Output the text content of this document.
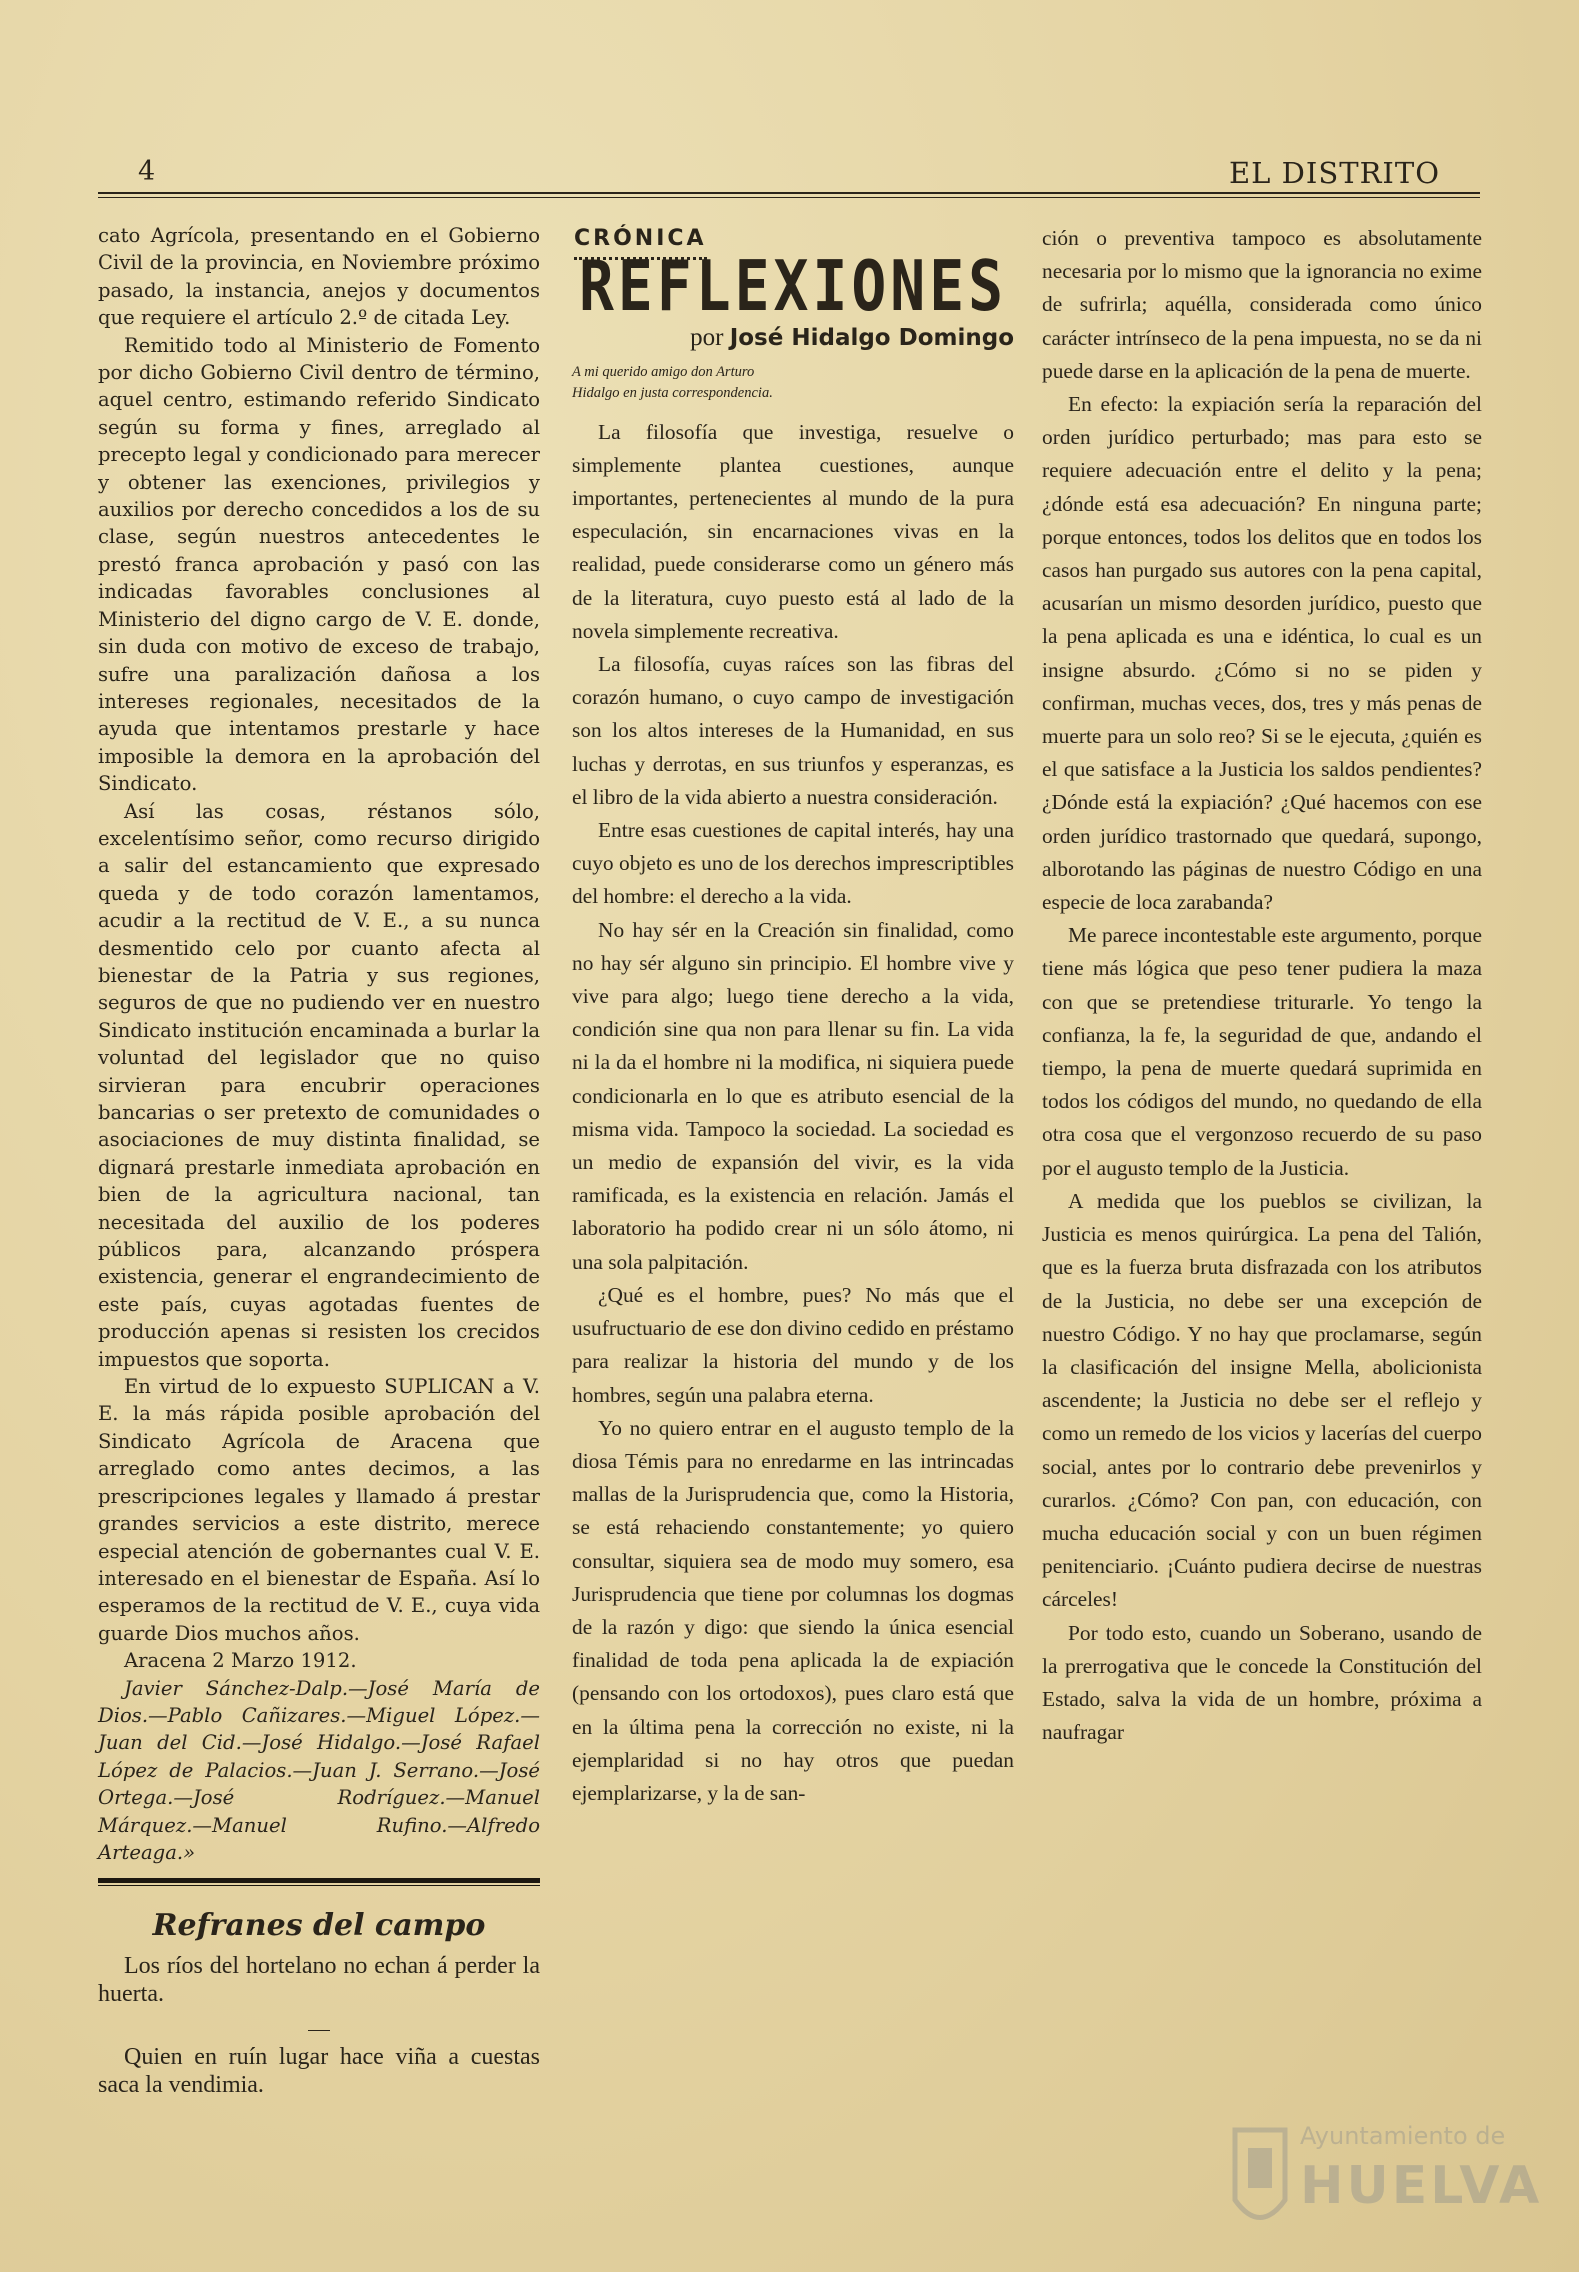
4	EL DISTRITO

cato Agrícola, presentando en el Gobierno Civil de la provincia, en Noviembre próximo pasado, la instancia, anejos y documentos que requiere el artículo 2.º de citada Ley.

Remitido todo al Ministerio de Fomento por dicho Gobierno Civil dentro de término, aquel centro, estimando referido Sindicato según su forma y fines, arreglado al precepto legal y condicionado para merecer y obtener las exenciones, privilegios y auxilios por derecho concedidos a los de su clase, según nuestros antecedentes le prestó franca aprobación y pasó con las indicadas favorables conclusiones al Ministerio del digno cargo de V. E. donde, sin duda con motivo de exceso de trabajo, sufre una paralización dañosa a los intereses regionales, necesitados de la ayuda que intentamos prestarle y hace imposible la demora en la aprobación del Sindicato.

Así las cosas, réstanos sólo, excelentísimo señor, como recurso dirigido a salir del estancamiento que expresado queda y de todo corazón lamentamos, acudir a la rectitud de V. E., a su nunca desmentido celo por cuanto afecta al bienestar de la Patria y sus regiones, seguros de que no pudiendo ver en nuestro Sindicato institución encaminada a burlar la voluntad del legislador que no quiso sirvieran para encubrir operaciones bancarias o ser pretexto de comunidades o asociaciones de muy distinta finalidad, se dignará prestarle inmediata aprobación en bien de la agricultura nacional, tan necesitada del auxilio de los poderes públicos para, alcanzando próspera existencia, generar el engrandecimiento de este país, cuyas agotadas fuentes de producción apenas si resisten los crecidos impuestos que soporta.

En virtud de lo expuesto SUPLICAN a V. E. la más rápida posible aprobación del Sindicato Agrícola de Aracena que arreglado como antes decimos, a las prescripciones legales y llamado á prestar grandes servicios a este distrito, merece especial atención de gobernantes cual V. E. interesado en el bienestar de España. Así lo esperamos de la rectitud de V. E., cuya vida guarde Dios muchos años.

Aracena 2 Marzo 1912.

Javier Sánchez-Dalp.—José María de Dios.—Pablo Cañizares.—Miguel López.—Juan del Cid.—José Hidalgo.—José Rafael López de Palacios.—Juan J. Serrano.—José Ortega.—José Rodríguez.—Manuel Márquez.—Manuel Rufino.—Alfredo Arteaga.»

Refranes del campo

Los ríos del hortelano no echan á perder la huerta.

Quien en ruín lugar hace viña a cuestas saca la vendimia.

CRÓNICA
REFLEXIONES
por José Hidalgo Domingo
A mi querido amigo don Arturo
Hidalgo en justa correspondencia.

La filosofía que investiga, resuelve o simplemente plantea cuestiones, aunque importantes, pertenecientes al mundo de la pura especulación, sin encarnaciones vivas en la realidad, puede considerarse como un género más de la literatura, cuyo puesto está al lado de la novela simplemente recreativa.

La filosofía, cuyas raíces son las fibras del corazón humano, o cuyo campo de investigación son los altos intereses de la Humanidad, en sus luchas y derrotas, en sus triunfos y esperanzas, es el libro de la vida abierto a nuestra consideración.

Entre esas cuestiones de capital interés, hay una cuyo objeto es uno de los derechos imprescriptibles del hombre: el derecho a la vida.

No hay sér en la Creación sin finalidad, como no hay sér alguno sin principio. El hombre vive y vive para algo; luego tiene derecho a la vida, condición sine qua non para llenar su fin. La vida ni la da el hombre ni la modifica, ni siquiera puede condicionarla en lo que es atributo esencial de la misma vida. Tampoco la sociedad. La sociedad es un medio de expansión del vivir, es la vida ramificada, es la existencia en relación. Jamás el laboratorio ha podido crear ni un sólo átomo, ni una sola palpitación.

¿Qué es el hombre, pues? No más que el usufructuario de ese don divino cedido en préstamo para realizar la historia del mundo y de los hombres, según una palabra eterna.

Yo no quiero entrar en el augusto templo de la diosa Témis para no enredarme en las intrincadas mallas de la Jurisprudencia que, como la Historia, se está rehaciendo constantemente; yo quiero consultar, siquiera sea de modo muy somero, esa Jurisprudencia que tiene por columnas los dogmas de la razón y digo: que siendo la única esencial finalidad de toda pena aplicada la de expiación (pensando con los ortodoxos), pues claro está que en la última pena la corrección no existe, ni la ejemplaridad si no hay otros que puedan ejemplarizarse, y la de san-

ción o preventiva tampoco es absolutamente necesaria por lo mismo que la ignorancia no exime de sufrirla; aquélla, considerada como único carácter intrínseco de la pena impuesta, no se da ni puede darse en la aplicación de la pena de muerte.

En efecto: la expiación sería la reparación del orden jurídico perturbado; mas para esto se requiere adecuación entre el delito y la pena; ¿dónde está esa adecuación? En ninguna parte; porque entonces, todos los delitos que en todos los casos han purgado sus autores con la pena capital, acusarían un mismo desorden jurídico, puesto que la pena aplicada es una e idéntica, lo cual es un insigne absurdo. ¿Cómo si no se piden y confirman, muchas veces, dos, tres y más penas de muerte para un solo reo? Si se le ejecuta, ¿quién es el que satisface a la Justicia los saldos pendientes? ¿Dónde está la expiación? ¿Qué hacemos con ese orden jurídico trastornado que quedará, supongo, alborotando las páginas de nuestro Código en una especie de loca zarabanda?

Me parece incontestable este argumento, porque tiene más lógica que peso tener pudiera la maza con que se pretendiese triturarle. Yo tengo la confianza, la fe, la seguridad de que, andando el tiempo, la pena de muerte quedará suprimida en todos los códigos del mundo, no quedando de ella otra cosa que el vergonzoso recuerdo de su paso por el augusto templo de la Justicia.

A medida que los pueblos se civilizan, la Justicia es menos quirúrgica. La pena del Talión, que es la fuerza bruta disfrazada con los atributos de la Justicia, no debe ser una excepción de nuestro Código. Y no hay que proclamarse, según la clasificación del insigne Mella, abolicionista ascendente; la Justicia no debe ser el reflejo y como un remedo de los vicios y lacerías del cuerpo social, antes por lo contrario debe prevenirlos y curarlos. ¿Cómo? Con pan, con educación, con mucha educación social y con un buen régimen penitenciario. ¡Cuánto pudiera decirse de nuestras cárceles!

Por todo esto, cuando un Soberano, usando de la prerrogativa que le concede la Constitución del Estado, salva la vida de un hombre, próxima a naufragar

Ayuntamiento de
HUELVA
